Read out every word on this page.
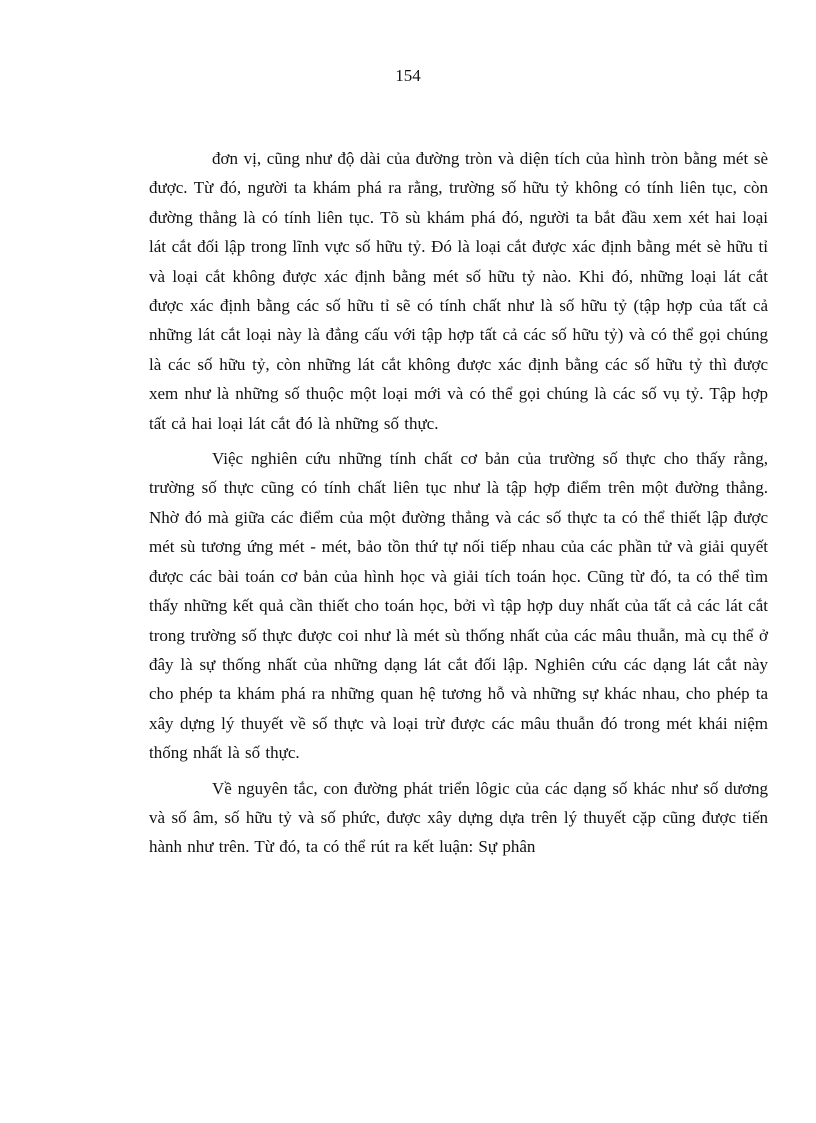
154

đơn vị, cũng như độ dài của đường tròn và diện tích của hình tròn bằng mét sè được. Từ đó, người ta khám phá ra rằng, trường số hữu tỷ không có tính liên tục, còn đường thẳng là có tính liên tục. Tõ sù khám phá đó, người ta bắt đầu xem xét hai loại lát cắt đối lập trong lĩnh vực số hữu tỷ. Đó là loại cắt được xác định bằng mét sè hữu tỉ và loại cắt không được xác định bằng mét số hữu tỷ nào. Khi đó, những loại lát cắt được xác định bằng các số hữu tỉ sẽ có tính chất như là số hữu tỷ (tập hợp của tất cả những lát cắt loại này là đẳng cấu với tập hợp tất cả các số hữu tỷ) và có thể gọi chúng là các số hữu tỷ, còn những lát cắt không được xác định bằng các số hữu tỷ thì được xem như là những số thuộc một loại mới và có thể gọi chúng là các số vụ tỷ. Tập hợp tất cả hai loại lát cắt đó là những số thực.

Việc nghiên cứu những tính chất cơ bản của trường số thực cho thấy rằng, trường số thực cũng có tính chất liên tục như là tập hợp điểm trên một đường thẳng. Nhờ đó mà giữa các điểm của một đường thẳng và các số thực ta có thể thiết lập được mét sù tương ứng mét - mét, bảo tồn thứ tự nối tiếp nhau của các phần tử và giải quyết được các bài toán cơ bản của hình học và giải tích toán học. Cũng từ đó, ta có thể tìm thấy những kết quả cần thiết cho toán học, bởi vì tập hợp duy nhất của tất cả các lát cắt trong trường số thực được coi như là mét sù thống nhất của các mâu thuẫn, mà cụ thể ở đây là sự thống nhất của những dạng lát cắt đối lập. Nghiên cứu các dạng lát cắt này cho phép ta khám phá ra những quan hệ tương hỗ và những sự khác nhau, cho phép ta xây dựng lý thuyết về số thực và loại trừ được các mâu thuẫn đó trong mét khái niệm thống nhất là số thực.

Về nguyên tắc, con đường phát triển lôgic của các dạng số khác như số dương và số âm, số hữu tỷ và số phức, được xây dựng dựa trên lý thuyết cặp cũng được tiến hành như trên. Từ đó, ta có thể rút ra kết luận: Sự phân
